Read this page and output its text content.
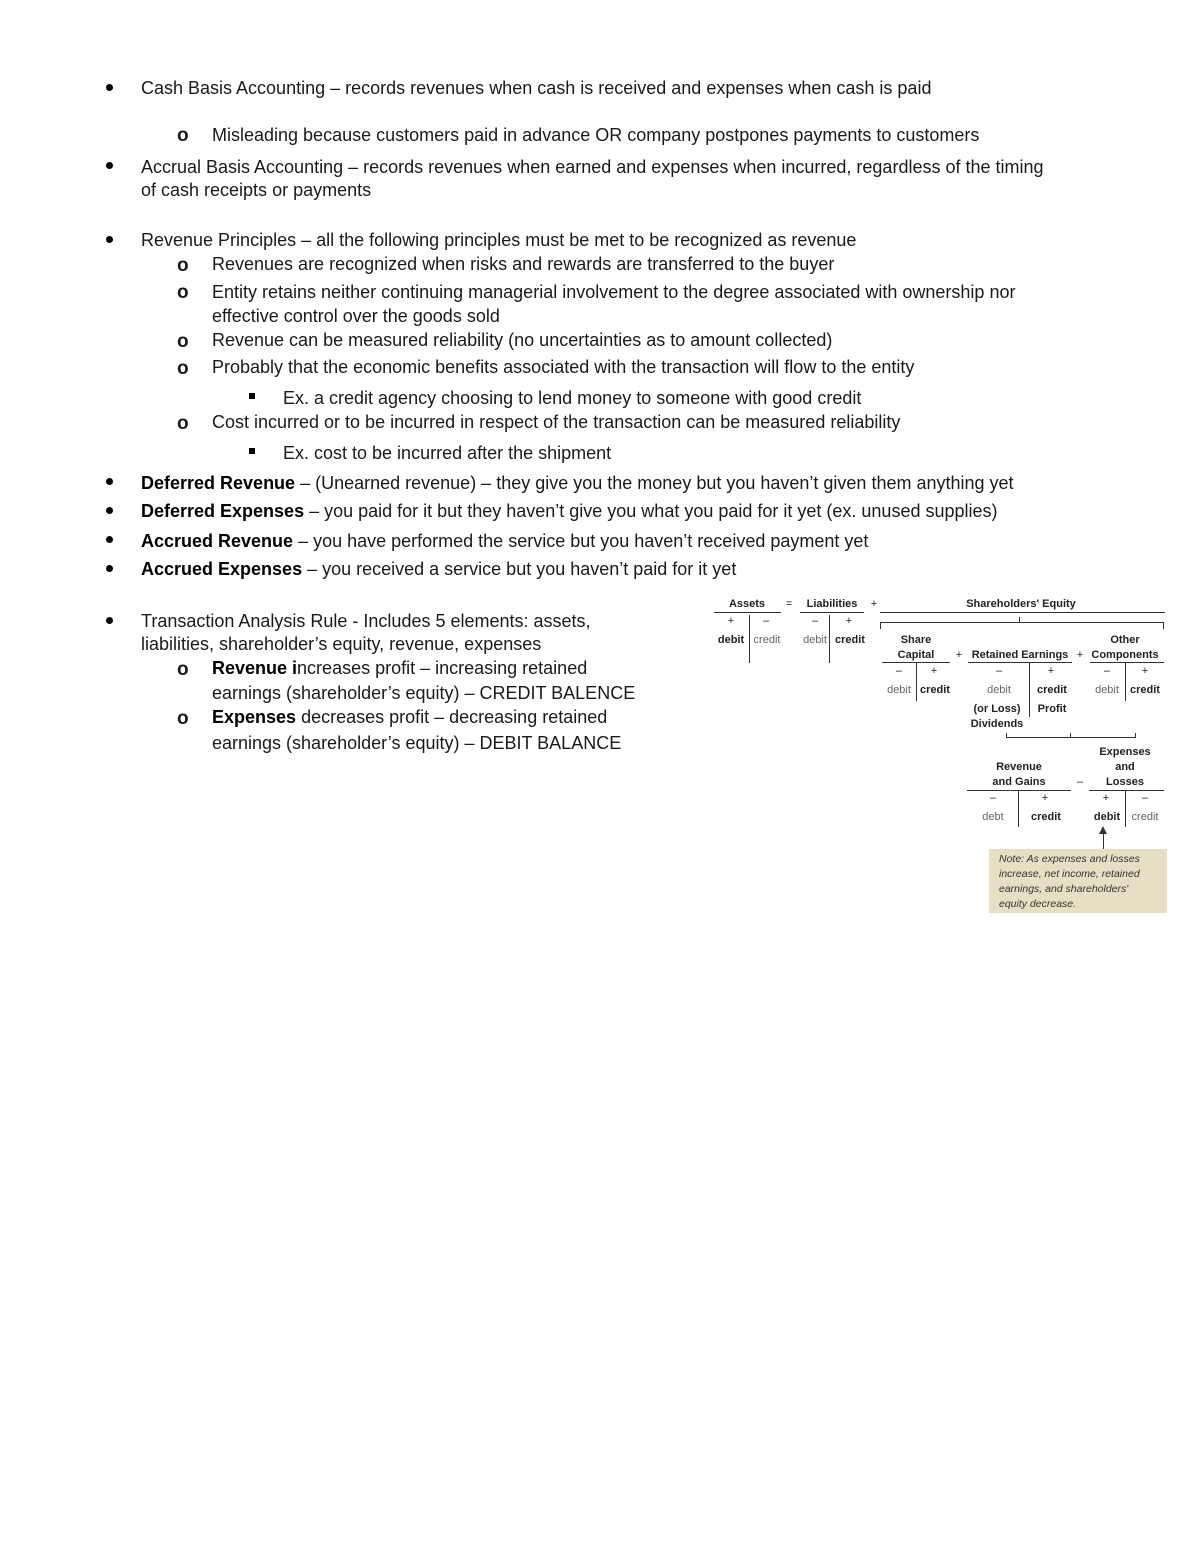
Cash Basis Accounting – records revenues when cash is received and expenses when cash is paid
o Misleading because customers paid in advance OR company postpones payments to customers
Accrual Basis Accounting – records revenues when earned and expenses when incurred, regardless of the timing
of cash receipts or payments
Revenue Principles – all the following principles must be met to be recognized as revenue
o Revenues are recognized when risks and rewards are transferred to the buyer
o Entity retains neither continuing managerial involvement to the degree associated with ownership nor
effective control over the goods sold
o Revenue can be measured reliability (no uncertainties as to amount collected)
o Probably that the economic benefits associated with the transaction will flow to the entity
Ex. a credit agency choosing to lend money to someone with good credit
o Cost incurred or to be incurred in respect of the transaction can be measured reliability
Ex. cost to be incurred after the shipment
Deferred Revenue – (Unearned revenue) – they give you the money but you haven’t given them anything yet
Deferred Expenses – you paid for it but they haven’t give you what you paid for it yet (ex. unused supplies)
Accrued Revenue – you have performed the service but you haven’t received payment yet
Accrued Expenses – you received a service but you haven’t paid for it yet
Transaction Analysis Rule - Includes 5 elements: assets,
liabilities, shareholder’s equity, revenue, expenses
o Revenue increases profit – increasing retained
earnings (shareholder’s equity) – CREDIT BALENCE
o Expenses decreases profit – decreasing retained
earnings (shareholder’s equity) – DEBIT BALANCE
Assets = Liabilities +	Shareholders' Equity
+	–
debit credit
–	+
debit credit	Share
Capital + Retained Earnings +
Other
Components
–	+
debit credit
–	+
debit credit
(or Loss)
Dividends
Profit
–	+
debit credit
Expenses
and
Losses
Revenue
and Gains	–
–	+
debt credit
+	–
debit credit
Note: As expenses and losses increase, net income, retained earnings, and shareholders' equity decrease.
